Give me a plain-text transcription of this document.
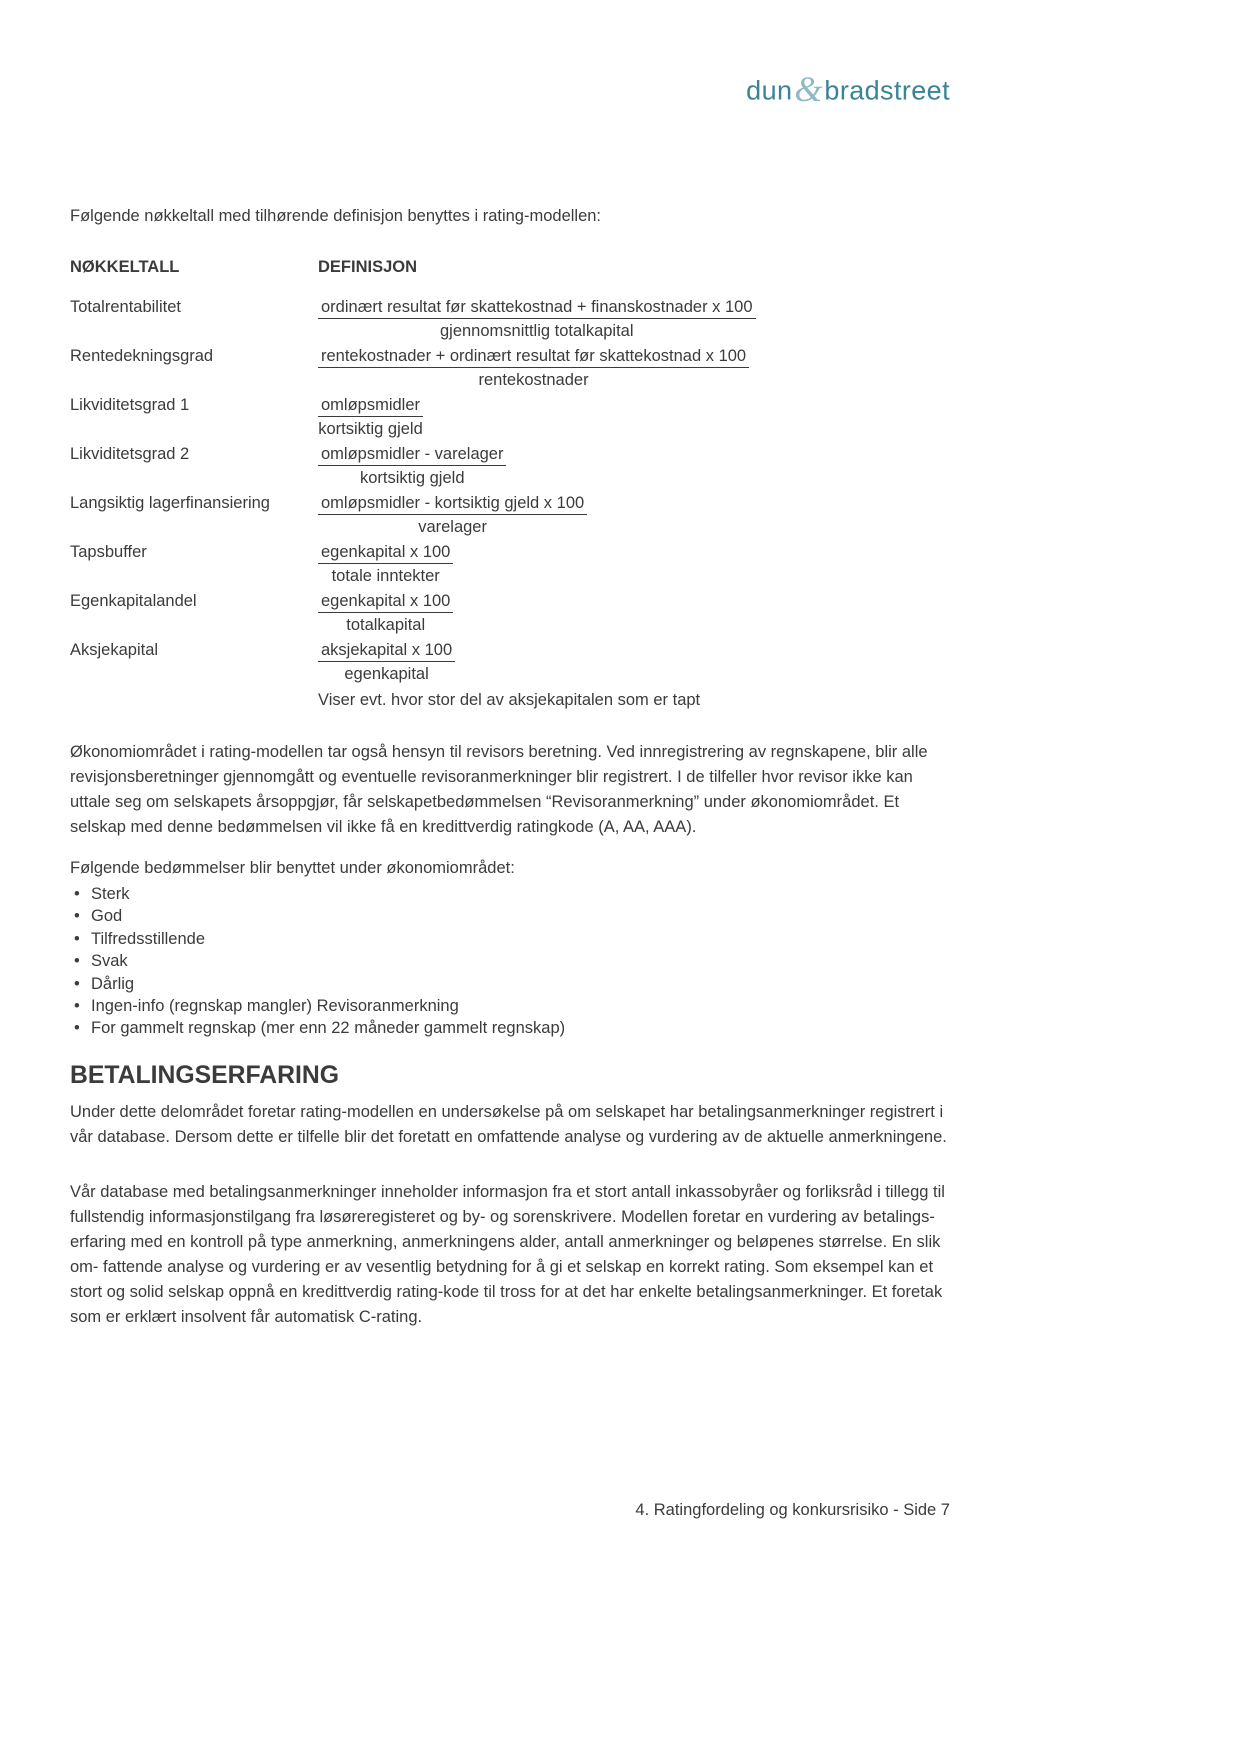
dun&bradstreet

Følgende nøkkeltall med tilhørende definisjon benyttes i rating-modellen:

NØKKELTALL	DEFINISJON
Totalrentabilitet	$\frac{\text{ordinært resultat før skattekostnad + finanskostnader x 100}}{\text{gjennomsnittlig totalkapital}}$
Rentedekningsgrad	$\frac{\text{rentekostnader + ordinært resultat før skattekostnad x 100}}{\text{rentekostnader}}$
Likviditetsgrad 1	$\frac{\text{omløpsmidler}}{\text{kortsiktig gjeld}}$
Likviditetsgrad 2	$\frac{\text{omløpsmidler - varelager}}{\text{kortsiktig gjeld}}$
Langsiktig lagerfinansiering	$\frac{\text{omløpsmidler - kortsiktig gjeld x 100}}{\text{varelager}}$
Tapsbuffer	$\frac{\text{egenkapital x 100}}{\text{totale inntekter}}$
Egenkapitalandel	$\frac{\text{egenkapital x 100}}{\text{totalkapital}}$
Aksjekapital	$\frac{\text{aksjekapital x 100}}{\text{egenkapital}}$

Viser evt. hvor stor del av aksjekapitalen som er tapt

Økonomiområdet i rating-modellen tar også hensyn til revisors beretning. Ved innregistrering av regnskapene, blir alle revisjonsberetninger gjennomgått og eventuelle revisoranmerkninger blir registrert. I de tilfeller hvor revisor ikke kan uttale seg om selskapets årsoppgjør, får selskapetbedømmelsen “Revisoranmerkning” under økonomiområdet. Et selskap med denne bedømmelsen vil ikke få en kredittverdig ratingkode (A, AA, AAA).

Følgende bedømmelser blir benyttet under økonomiområdet:

• Sterk
• God
• Tilfredsstillende
• Svak
• Dårlig
• Ingen-info (regnskap mangler) Revisoranmerkning
• For gammelt regnskap (mer enn 22 måneder gammelt regnskap)
BETALINGSERFARING

Under dette delområdet foretar rating-modellen en undersøkelse på om selskapet har betalingsanmerkninger registrert i vår database. Dersom dette er tilfelle blir det foretatt en omfattende analyse og vurdering av de aktuelle anmerkningene.

Vår database med betalingsanmerkninger inneholder informasjon fra et stort antall inkassobyråer og forliksråd i tillegg til fullstendig informasjonstilgang fra løsøreregisteret og by- og sorenskrivere. Modellen foretar en vurdering av betalings- erfaring med en kontroll på type anmerkning, anmerkningens alder, antall anmerkninger og beløpenes størrelse. En slik om- fattende analyse og vurdering er av vesentlig betydning for å gi et selskap en korrekt rating. Som eksempel kan et stort og solid selskap oppnå en kredittverdig rating-kode til tross for at det har enkelte betalingsanmerkninger. Et foretak som er erklært insolvent får automatisk C-rating.

4. Ratingfordeling og konkursrisiko - Side 7
